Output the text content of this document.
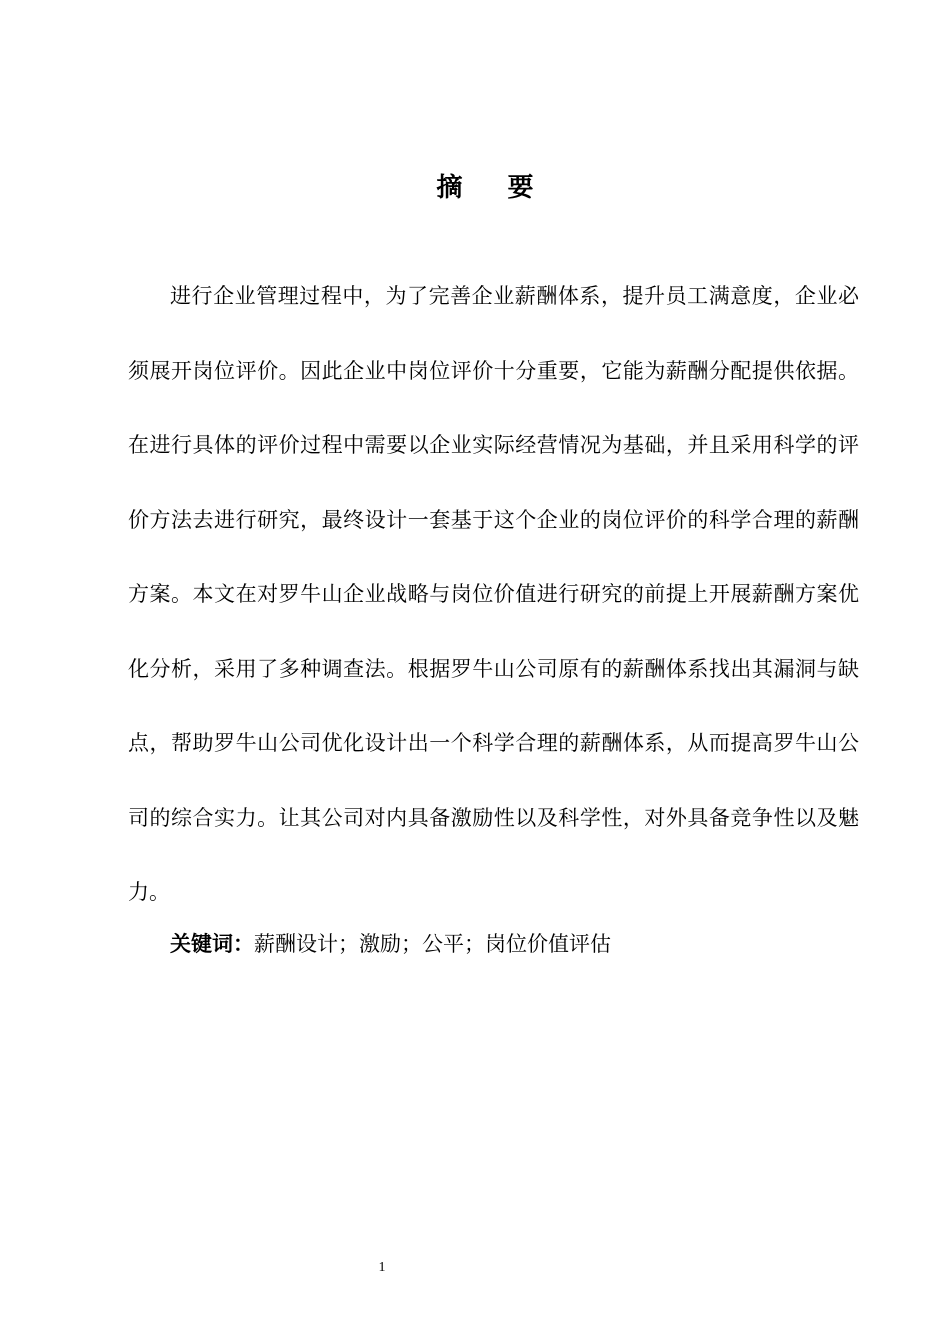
摘 要

进行企业管理过程中，为了完善企业薪酬体系，提升员工满意度，企业必须展开岗位评价。因此企业中岗位评价十分重要，它能为薪酬分配提供依据。在进行具体的评价过程中需要以企业实际经营情况为基础，并且采用科学的评价方法去进行研究，最终设计一套基于这个企业的岗位评价的科学合理的薪酬方案。本文在对罗牛山企业战略与岗位价值进行研究的前提上开展薪酬方案优化分析，采用了多种调查法。根据罗牛山公司原有的薪酬体系找出其漏洞与缺点，帮助罗牛山公司优化设计出一个科学合理的薪酬体系，从而提高罗牛山公司的综合实力。让其公司对内具备激励性以及科学性，对外具备竞争性以及魅力。

关键词：薪酬设计；激励；公平；岗位价值评估
1
